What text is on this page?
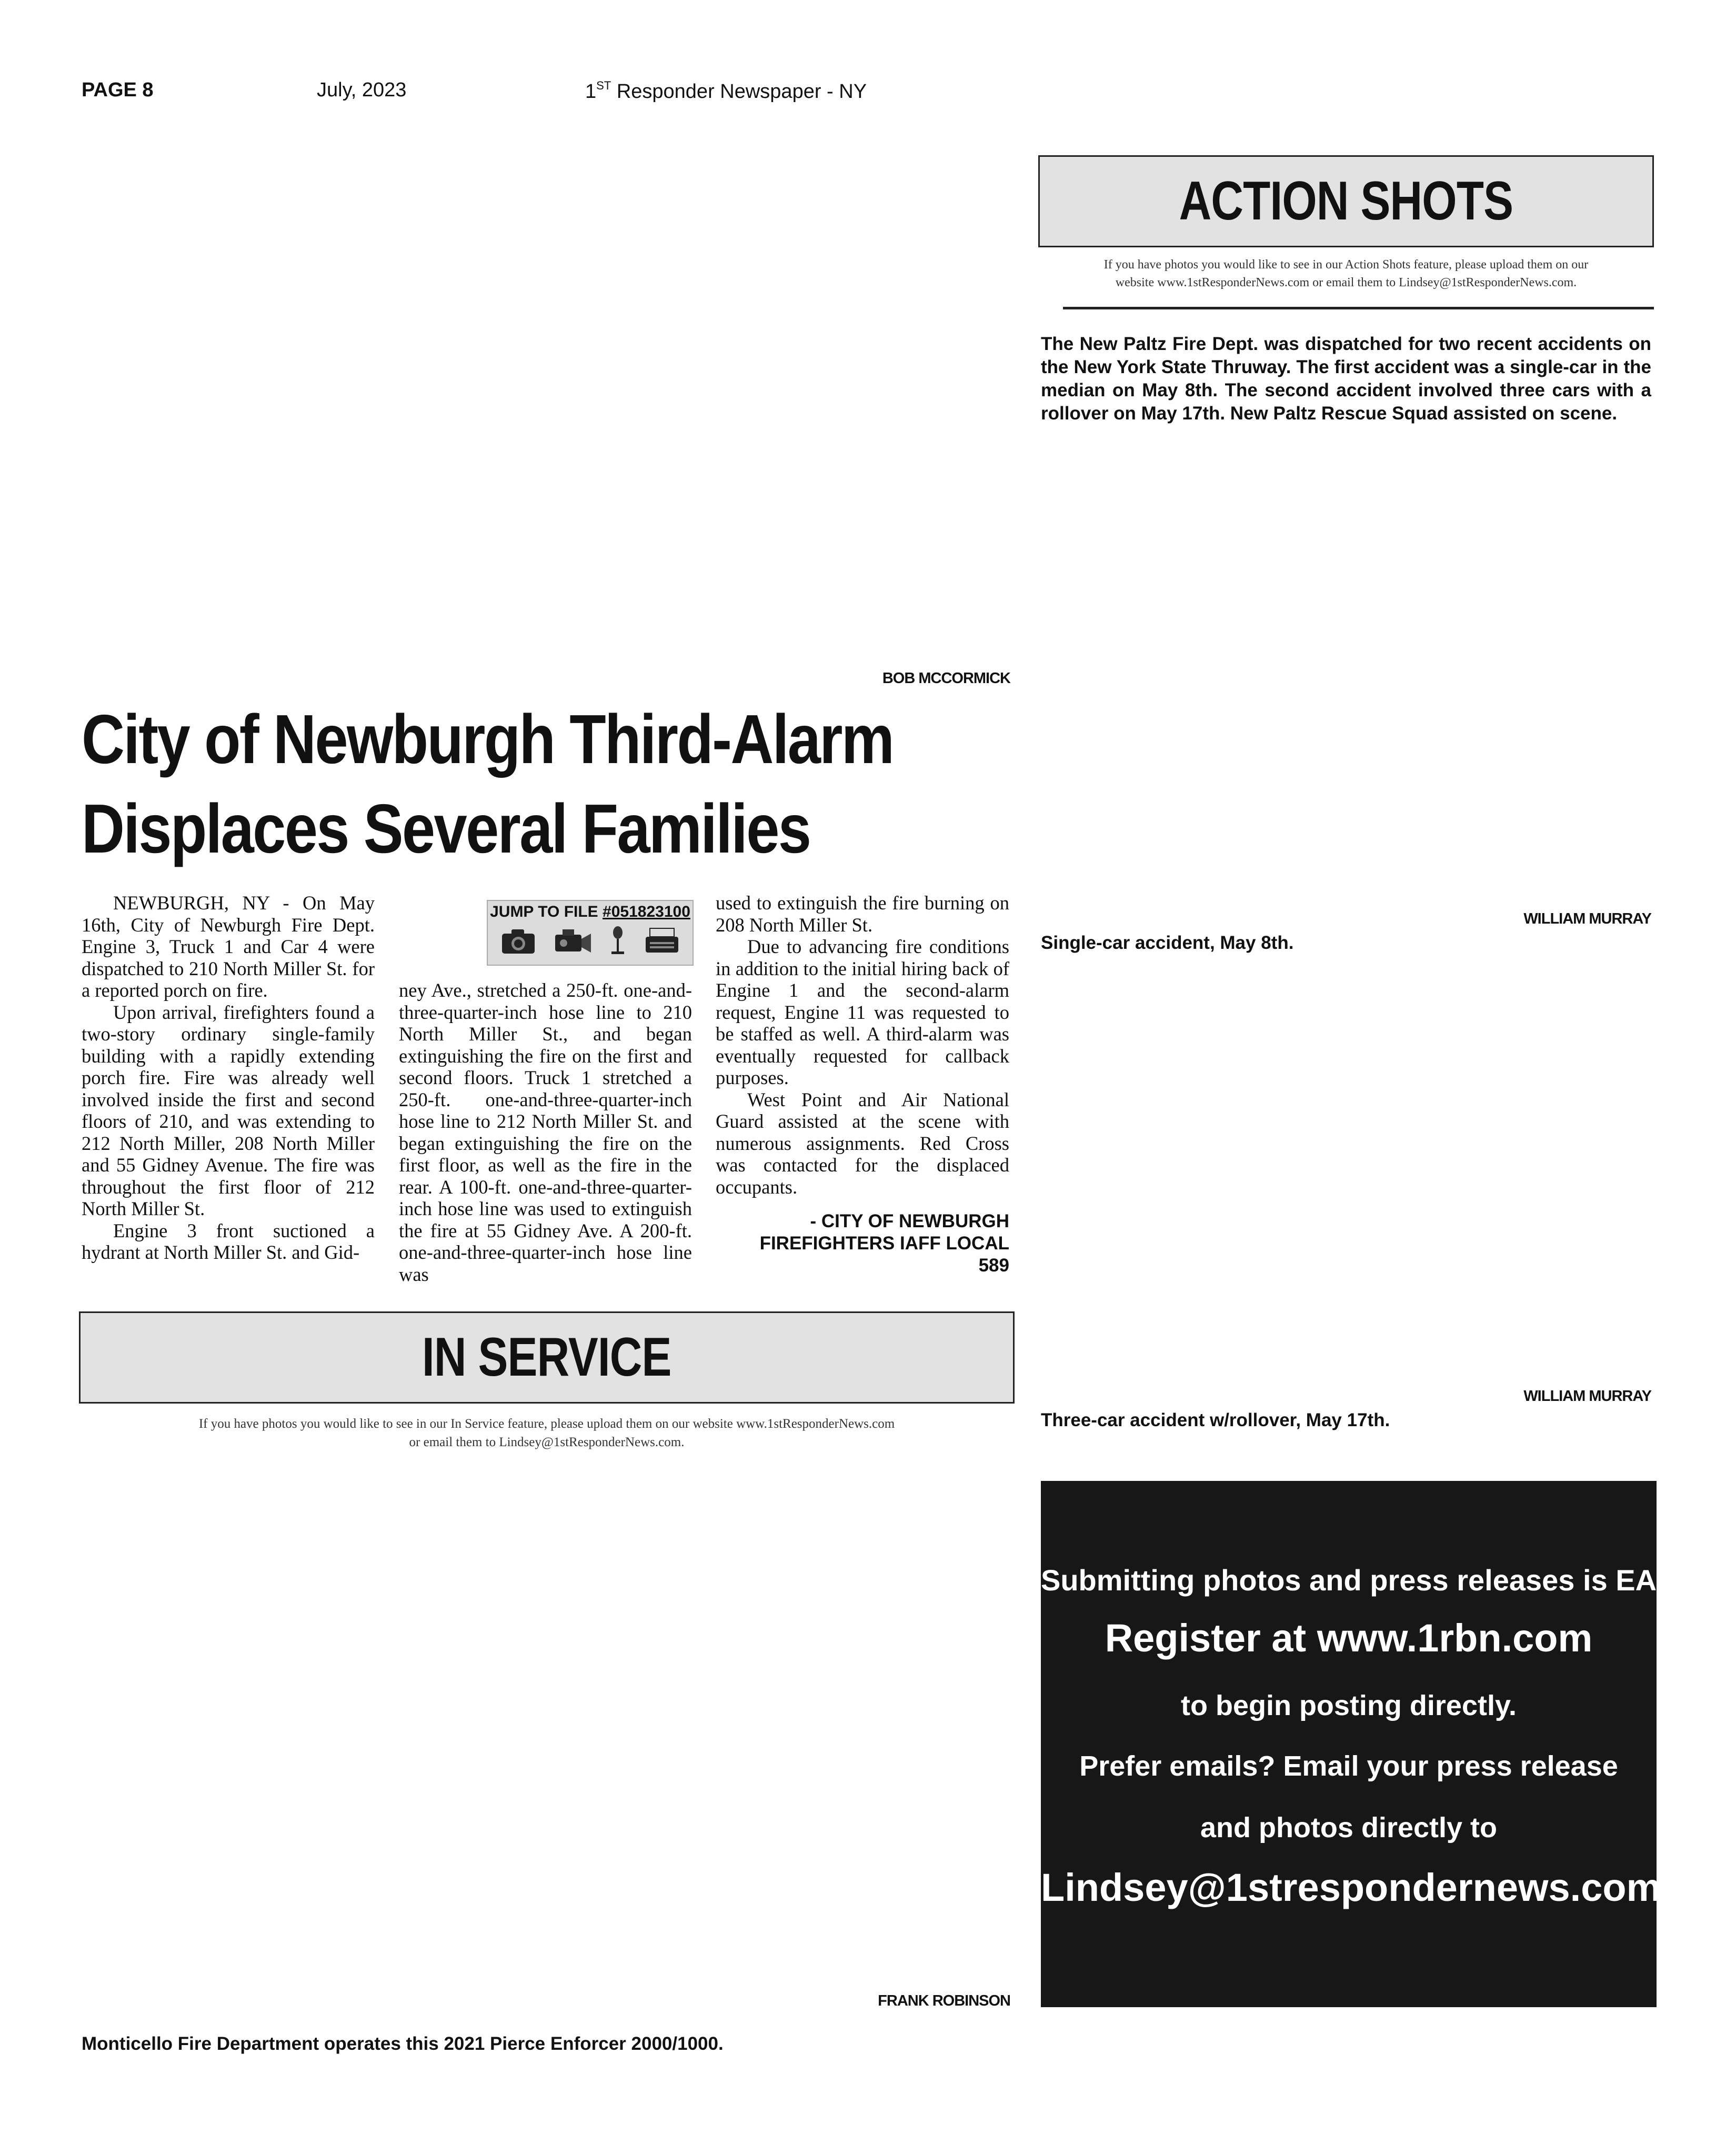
PAGE 8	July, 2023	1ST Responder Newspaper - NY
ACTION SHOTS
If you have photos you would like to see in our Action Shots feature, please upload them on our
website www.1stResponderNews.com or email them to Lindsey@1stResponderNews.com.
The New Paltz Fire Dept. was dispatched for two recent accidents on the New York State Thruway. The first accident was a single-car in the median on May 8th. The second accident involved three cars with a rollover on May 17th. New Paltz Rescue Squad assisted on scene.
WILLIAM MURRAY
Single-car accident, May 8th.
WILLIAM MURRAY
Three-car accident w/rollover, May 17th.
BOB MCCORMICK
City of Newburgh Third-Alarm
Displaces Several Families

NEWBURGH, NY - On May 16th, City of Newburgh Fire Dept. Engine 3, Truck 1 and Car 4 were dispatched to 210 North Miller St. for a reported porch on fire.

Upon arrival, firefighters found a two-story ordinary single-family building with a rapidly extending porch fire. Fire was already well involved inside the first and second floors of 210, and was extending to 212 North Miller, 208 North Miller and 55 Gidney Avenue. The fire was throughout the first floor of 212 North Miller St.

Engine 3 front suctioned a hydrant at North Miller St. and Gid-

JUMP TO FILE #051823100

ney Ave., stretched a 250-ft. one-and-three-quarter-inch hose line to 210 North Miller St., and began extinguishing the fire on the first and second floors. Truck 1 stretched a 250-ft. one-and-three-quarter-inch hose line to 212 North Miller St. and began extinguishing the fire on the first floor, as well as the fire in the rear. A 100-ft. one-and-three-quarter-inch hose line was used to extinguish the fire at 55 Gidney Ave. A 200-ft. one-and-three-quarter-inch hose line was

used to extinguish the fire burning on 208 North Miller St.

Due to advancing fire conditions in addition to the initial hiring back of Engine 1 and the second-alarm request, Engine 11 was requested to be staffed as well. A third-alarm was eventually requested for callback purposes.

West Point and Air National Guard assisted at the scene with numerous assignments. Red Cross was contacted for the displaced occupants.

- CITY OF NEWBURGH
FIREFIGHTERS IAFF LOCAL
589
IN SERVICE
If you have photos you would like to see in our In Service feature, please upload them on our website www.1stResponderNews.com
or email them to Lindsey@1stResponderNews.com.
FRANK ROBINSON
Monticello Fire Department operates this 2021 Pierce Enforcer 2000/1000.
Submitting photos and press releases is EASY!
Register at www.1rbn.com
to begin posting directly.
Prefer emails? Email your press release
and photos directly to
Lindsey@1strespondernews.com
